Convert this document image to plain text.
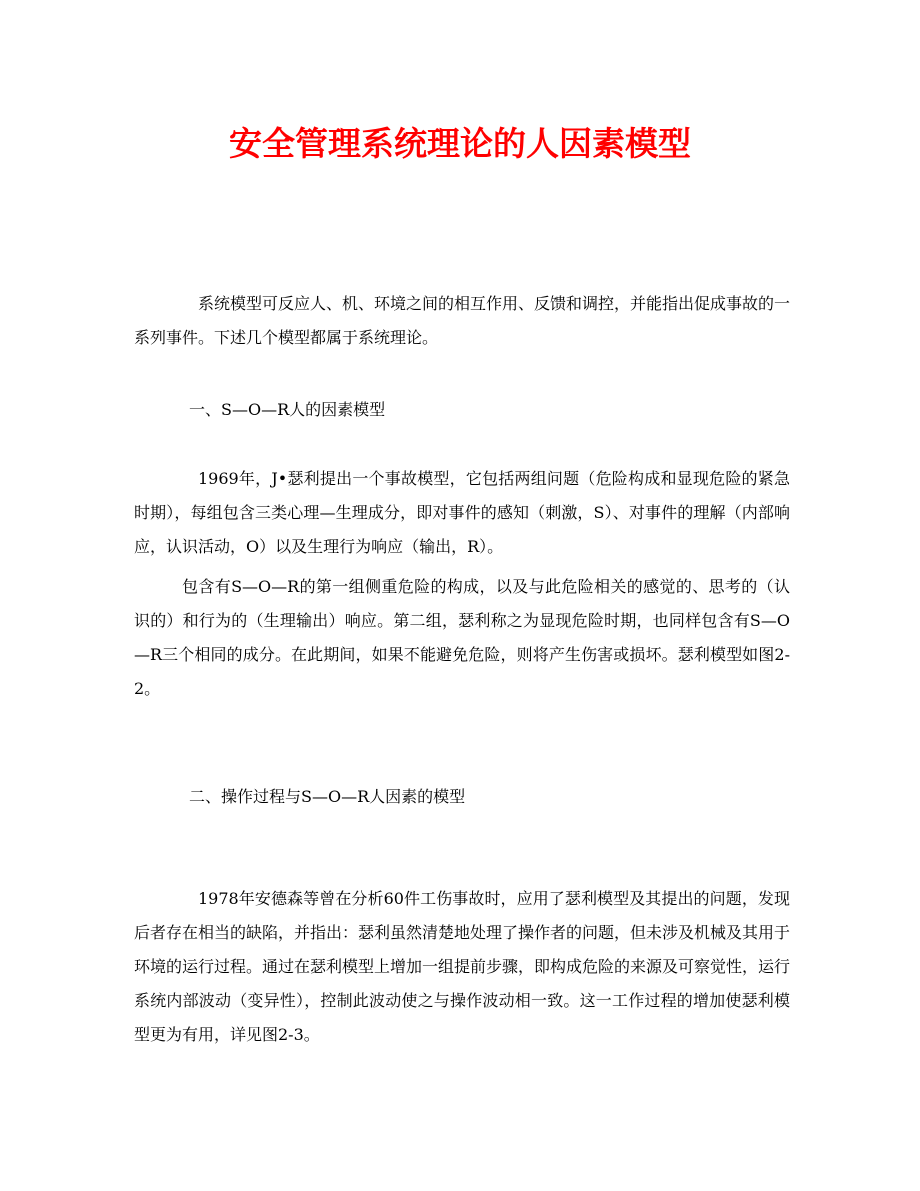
安全管理系统理论的人因素模型

系统模型可反应人、机、环境之间的相互作用、反馈和调控，并能指出促成事故的一系列事件。下述几个模型都属于系统理论。

一、S—O—R人的因素模型

1969年，J•瑟利提出一个事故模型，它包括两组问题（危险构成和显现危险的紧急时期），每组包含三类心理—生理成分，即对事件的感知（刺激，S）、对事件的理解（内部响应，认识活动，O）以及生理行为响应（输出，R）。

包含有S—O—R的第一组侧重危险的构成，以及与此危险相关的感觉的、思考的（认识的）和行为的（生理输出）响应。第二组，瑟利称之为显现危险时期，也同样包含有S—O—R三个相同的成分。在此期间，如果不能避免危险，则将产生伤害或损坏。瑟利模型如图2-2。

二、操作过程与S—O—R人因素的模型

1978年安德森等曾在分析60件工伤事故时，应用了瑟利模型及其提出的问题，发现后者存在相当的缺陷，并指出：瑟利虽然清楚地处理了操作者的问题，但未涉及机械及其用于环境的运行过程。通过在瑟利模型上增加一组提前步骤，即构成危险的来源及可察觉性，运行系统内部波动（变异性），控制此波动使之与操作波动相一致。这一工作过程的增加使瑟利模型更为有用，详见图2-3。
